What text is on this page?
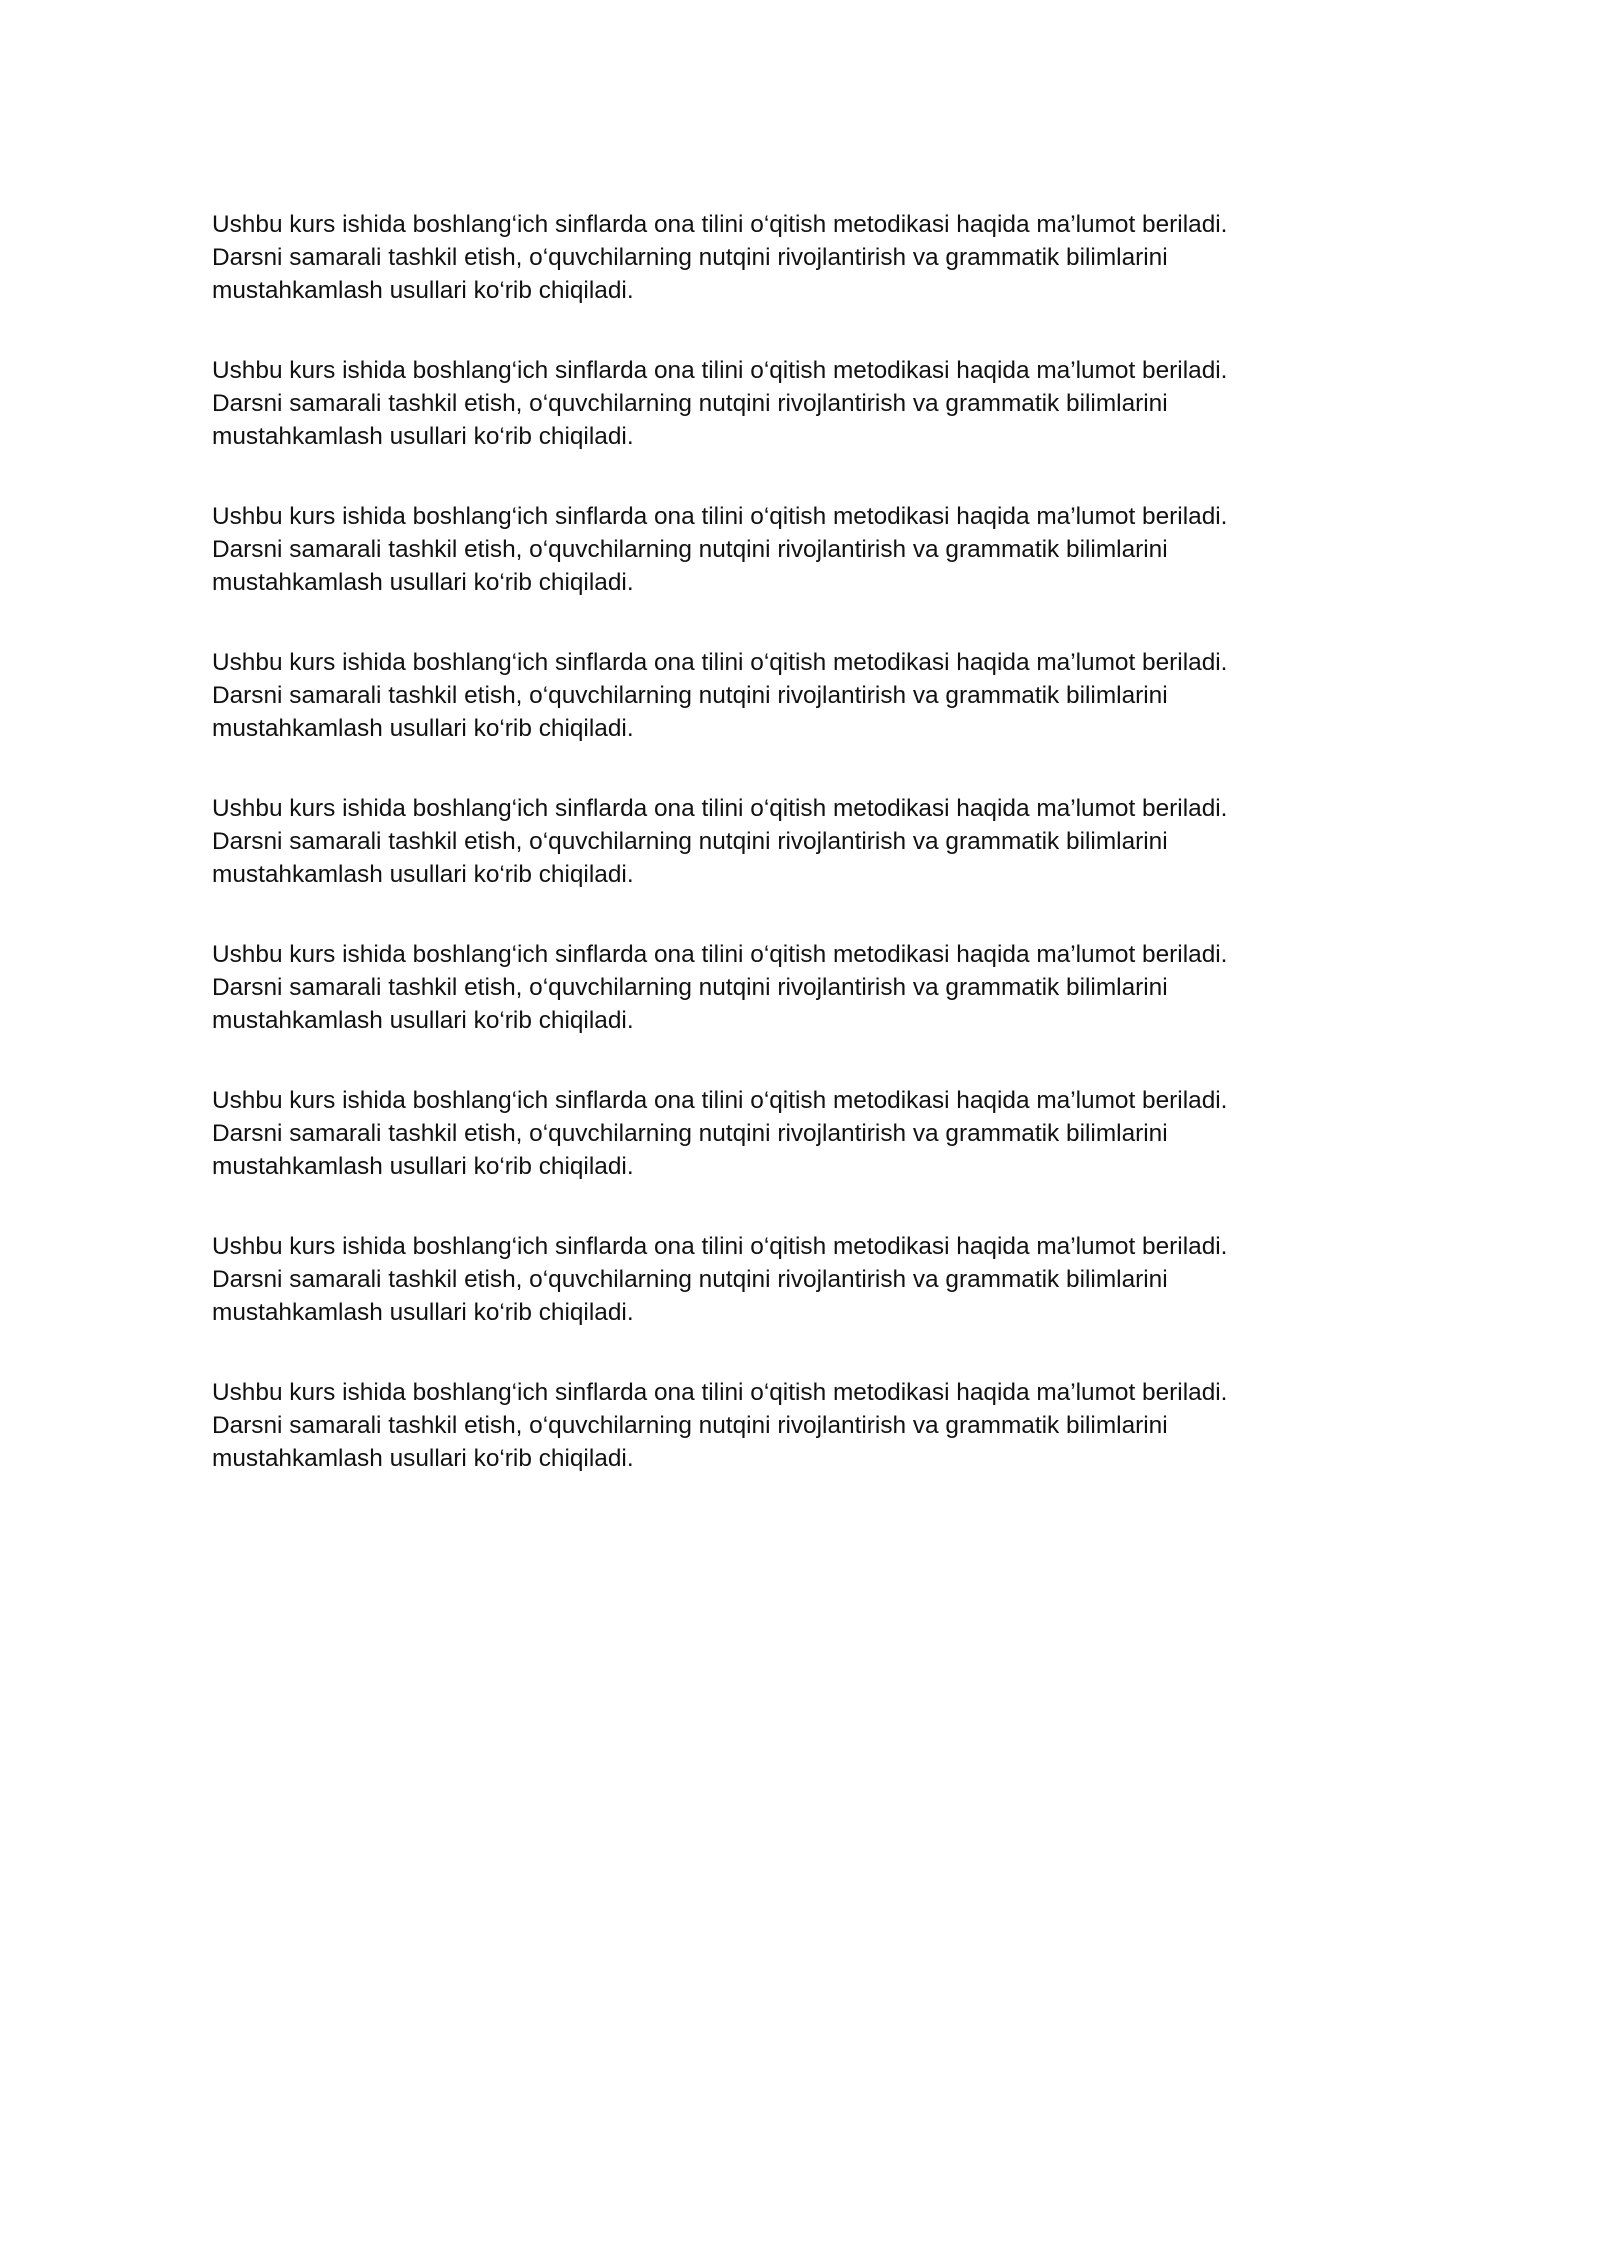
Ushbu kurs ishida boshlang‘ich sinflarda ona tilini o‘qitish metodikasi haqida ma’lumot beriladi.
Darsni samarali tashkil etish, o‘quvchilarning nutqini rivojlantirish va grammatik bilimlarini
mustahkamlash usullari ko‘rib chiqiladi.

Ushbu kurs ishida boshlang‘ich sinflarda ona tilini o‘qitish metodikasi haqida ma’lumot beriladi.
Darsni samarali tashkil etish, o‘quvchilarning nutqini rivojlantirish va grammatik bilimlarini
mustahkamlash usullari ko‘rib chiqiladi.

Ushbu kurs ishida boshlang‘ich sinflarda ona tilini o‘qitish metodikasi haqida ma’lumot beriladi.
Darsni samarali tashkil etish, o‘quvchilarning nutqini rivojlantirish va grammatik bilimlarini
mustahkamlash usullari ko‘rib chiqiladi.

Ushbu kurs ishida boshlang‘ich sinflarda ona tilini o‘qitish metodikasi haqida ma’lumot beriladi.
Darsni samarali tashkil etish, o‘quvchilarning nutqini rivojlantirish va grammatik bilimlarini
mustahkamlash usullari ko‘rib chiqiladi.

Ushbu kurs ishida boshlang‘ich sinflarda ona tilini o‘qitish metodikasi haqida ma’lumot beriladi.
Darsni samarali tashkil etish, o‘quvchilarning nutqini rivojlantirish va grammatik bilimlarini
mustahkamlash usullari ko‘rib chiqiladi.

Ushbu kurs ishida boshlang‘ich sinflarda ona tilini o‘qitish metodikasi haqida ma’lumot beriladi.
Darsni samarali tashkil etish, o‘quvchilarning nutqini rivojlantirish va grammatik bilimlarini
mustahkamlash usullari ko‘rib chiqiladi.

Ushbu kurs ishida boshlang‘ich sinflarda ona tilini o‘qitish metodikasi haqida ma’lumot beriladi.
Darsni samarali tashkil etish, o‘quvchilarning nutqini rivojlantirish va grammatik bilimlarini
mustahkamlash usullari ko‘rib chiqiladi.

Ushbu kurs ishida boshlang‘ich sinflarda ona tilini o‘qitish metodikasi haqida ma’lumot beriladi.
Darsni samarali tashkil etish, o‘quvchilarning nutqini rivojlantirish va grammatik bilimlarini
mustahkamlash usullari ko‘rib chiqiladi.

Ushbu kurs ishida boshlang‘ich sinflarda ona tilini o‘qitish metodikasi haqida ma’lumot beriladi.
Darsni samarali tashkil etish, o‘quvchilarning nutqini rivojlantirish va grammatik bilimlarini
mustahkamlash usullari ko‘rib chiqiladi.
